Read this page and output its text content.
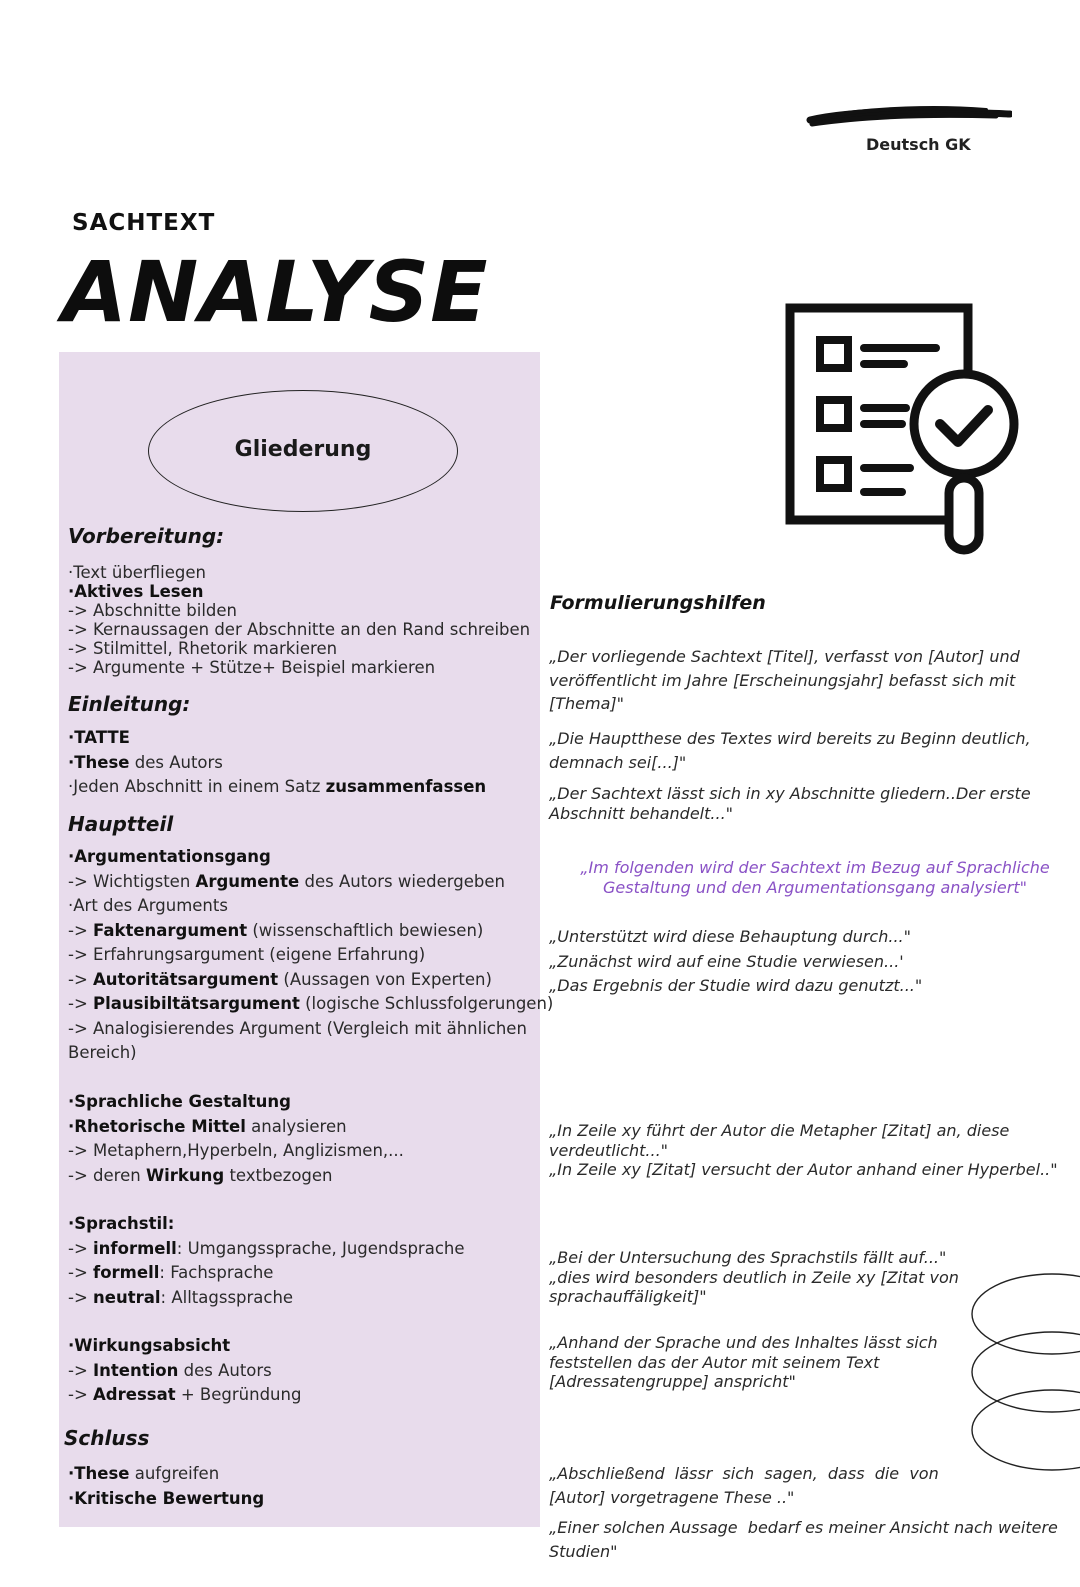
Deutsch GK
SACHTEXT
ANALYSE
Gliederung
Vorbereitung:
·Text überfliegen
·Aktives Lesen
-> Abschnitte bilden
-> Kernaussagen der Abschnitte an den Rand schreiben
-> Stilmittel, Rhetorik markieren
-> Argumente + Stütze+ Beispiel markieren
Einleitung:
·TATTE
·These des Autors
·Jeden Abschnitt in einem Satz zusammenfassen
Hauptteil
·Argumentationsgang
-> Wichtigsten Argumente des Autors wiedergeben
·Art des Arguments
-> Faktenargument (wissenschaftlich bewiesen)
-> Erfahrungsargument (eigene Erfahrung)
-> Autoritätsargument (Aussagen von Experten)
-> Plausibiltätsargument (logische Schlussfolgerungen)
-> Analogisierendes Argument (Vergleich mit ähnlichen
Bereich)
·Sprachliche Gestaltung
·Rhetorische Mittel analysieren
-> Metaphern,Hyperbeln, Anglizismen,...
-> deren Wirkung textbezogen
·Sprachstil:
-> informell: Umgangssprache, Jugendsprache
-> formell: Fachsprache
-> neutral: Alltagssprache
·Wirkungsabsicht
-> Intention des Autors
-> Adressat + Begründung
Schluss
·These aufgreifen
·Kritische Bewertung
Formulierungshilfen
„Der vorliegende Sachtext [Titel], verfasst von [Autor] und
veröffentlicht im Jahre [Erscheinungsjahr] befasst sich mit
[Thema]"
„Die Hauptthese des Textes wird bereits zu Beginn deutlich,
demnach sei[...]"
„Der Sachtext lässt sich in xy Abschnitte gliedern..Der erste
Abschnitt behandelt..."
„Im folgenden wird der Sachtext im Bezug auf Sprachliche
Gestaltung und den Argumentationsgang analysiert"
„Unterstützt wird diese Behauptung durch..."
„Zunächst wird auf eine Studie verwiesen...'
„Das Ergebnis der Studie wird dazu genutzt..."
„In Zeile xy führt der Autor die Metapher [Zitat] an, diese
verdeutlicht..."
„In Zeile xy [Zitat] versucht der Autor anhand einer Hyperbel.."
„Bei der Untersuchung des Sprachstils fällt auf..."
„dies wird besonders deutlich in Zeile xy [Zitat von
sprachauffäligkeit]"
„Anhand der Sprache und des Inhaltes lässt sich
feststellen das der Autor mit seinem Text
[Adressatengruppe] anspricht"

„Abschließend  lässr  sich  sagen,  dass  die  von
[Autor] vorgetragene These .."

„Einer solchen Aussage  bedarf es meiner Ansicht nach weitere
Studien"
